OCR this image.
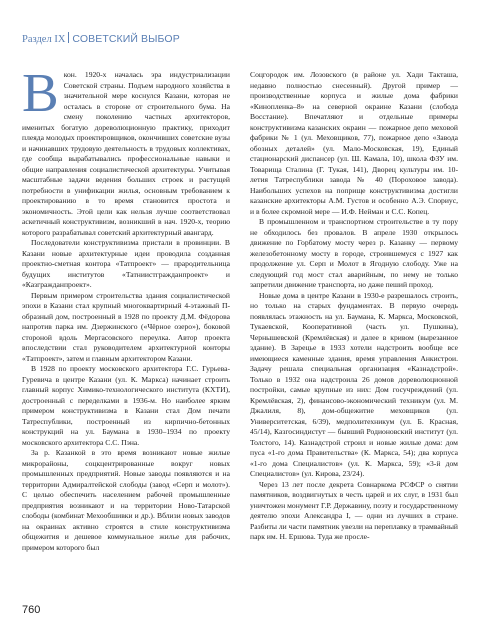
Раздел IX СОВЕТСКИЙ ВЫБОР

Вкон. 1920-х началась эра индустриализации Советской страны. Подъем народного хозяйства в значительной мере коснулся Казани, которая не осталась в стороне от строительного бума. На смену поколению частных архитекторов, именитых богатую дореволюционную практику, приходит плеяда молодых проектировщиков, окончивших советские вузы и начинавших трудовую деятельность в трудовых коллективах, где сообща вырабатывались профессиональные навыки и общие направления социалистической архитектуры. Учитывая масштабные задачи ведения больших строек и растущей потребности в унификации жилья, основным требованием к проектированию в то время становится простота и экономичность. Этой цели как нельзя лучше соответствовал аскетичный конструктивизм, возникший в нач. 1920-х, теорию которого разрабатывал советский архитектурный авангард.

Последователи конструктивизма пристали в провинции. В Казани новые архитектурные идеи проводила созданная проектно-сметная контора «Татпроект» — прародительница будущих институтов «Татниистгражданпроект» и «Казгражданпроект».

Первым примером строительства здания социалистической эпохи в Казани стал крупный многоквартирный 4-этажный П-образный дом, построенный в 1928 по проекту Д.М. Фёдорова напротив парка им. Дзержинского («Чёрное озеро»), боковой стороной вдоль Мергасовского переулка. Автор проекта впоследствии стал руководителем архитектурной конторы «Татпроект», затем и главным архитектором Казани.

В 1928 по проекту московского архитектора Г.С. Гурьева-Гуревича в центре Казани (ул. К. Маркса) начинает строить главный корпус Химико-технологического института (КХТИ), достроенный с переделками в 1936-м. Но наиболее ярким примером конструктивизма в Казани стал Дом печати Татреспублики, построенный из кирпично-бетонных конструкций на ул. Баумана в 1930–1934 по проекту московского архитектора С.С. Пэна.

За р. Казанкой в это время возникают новые жилые микрорайоны, соцкцентрированные вокруг новых промышленных предприятий. Новые заводы появляются и на территории Адмиралтейской слободы (завод «Серп и молот»). С целью обеспечить населением рабочей промышленные предприятия возникают и на территории Ново-Татарской слободы (комбинат Мехообшивки и др.). Вблизи новых заводов на окраинах активно строятся в стиле конструктивизма общежития и дешевое коммунальное жилье для рабочих, примером которого был

Соцгородок им. Лозовского (в районе ул. Хади Такташа, недавно полностью снесенный). Другой пример — производственные корпуса и жилые дома фабрики «Кинопленка–8» на северной окраине Казани (слобода Восстание). Впечатляют и отдельные примеры конструктивизма казанских окраин — пожарное депо меховой фабрики № 1 (ул. Меховщиков, 77), пожарное депо «Завода обозных деталей» (ул. Мало-Московская, 19), Единый стационарский диспансер (ул. Ш. Камала, 10), школа ФЗУ им. Товарища Сталина (Г. Тукая, 141), Дворец культуры им. 10-летия Татреспублики завода № 40 (Пороховое завода). Наибольших успехов на поприще конструктивизма достигли казанские архитекторы А.М. Густов и особенно А.Э. Спориус, и в более скромной мере — И.Ф. Нейман и С.С. Копец.

В промышленном и транспортном строительстве в ту пору не обходилось без провалов. В апреле 1930 открылось движение по Горбатому мосту через р. Казанку — первому железобетонному мосту в городе, строившемуся с 1927 как продолжение ул. Серп и Молот в Ягодную слободу. Уже на следующий год мост стал аварийным, по нему не только запретили движение транспорта, но даже пеший проход.

Новые дома в центре Казани в 1930-е разрешалось строить, но только на старых фундаментах. В первую очередь появлялась этажность на ул. Баумана, К. Маркса, Московской, Тукаевской, Кооперативной (часть ул. Пушкина), Чернышевской (Кремлёвская) и далее в кривом (вырезанное здание). В Зарецье в 1933 хотели надстроить вообще все имеющиеся каменные здания, время управления Анкистрои. Задачу решала специальная организация «Казнадстрой». Только в 1932 она надстроила 26 домов дореволюционной постройки, самые крупные из них: Дом госучреждений (ул. Кремлёвская, 2), финансово-экономический техникум (ул. М. Джалиля, 8), дом-общежитие меховщиков (ул. Университетская, 6/39), медполитехникум (ул. Б. Красная, 45/14), Казгосиндистут — бывший Родионовский институт (ул. Толстого, 14). Казнадстрой строил и новые жилые дома: дом пуса «1-го дома Правительства» (К. Маркса, 54); два корпуса «1-го дома Специалистов» (ул. К. Маркса, 59); «3-й дом Специалистов» (ул. Кирова, 23/24).

Через 13 лет после декрета Совнаркома РСФСР о снятии памятников, воздвигнутых в честь царей и их слуг, в 1931 был уничтожен монумент Г.Р. Державину, поэту и государственному деятелю эпохи Александра I, — одни из лучших в стране. Разбиты ли части памятник увезли на переплавку в трамвайный парк им. Н. Ершова. Туда же просле-

760
